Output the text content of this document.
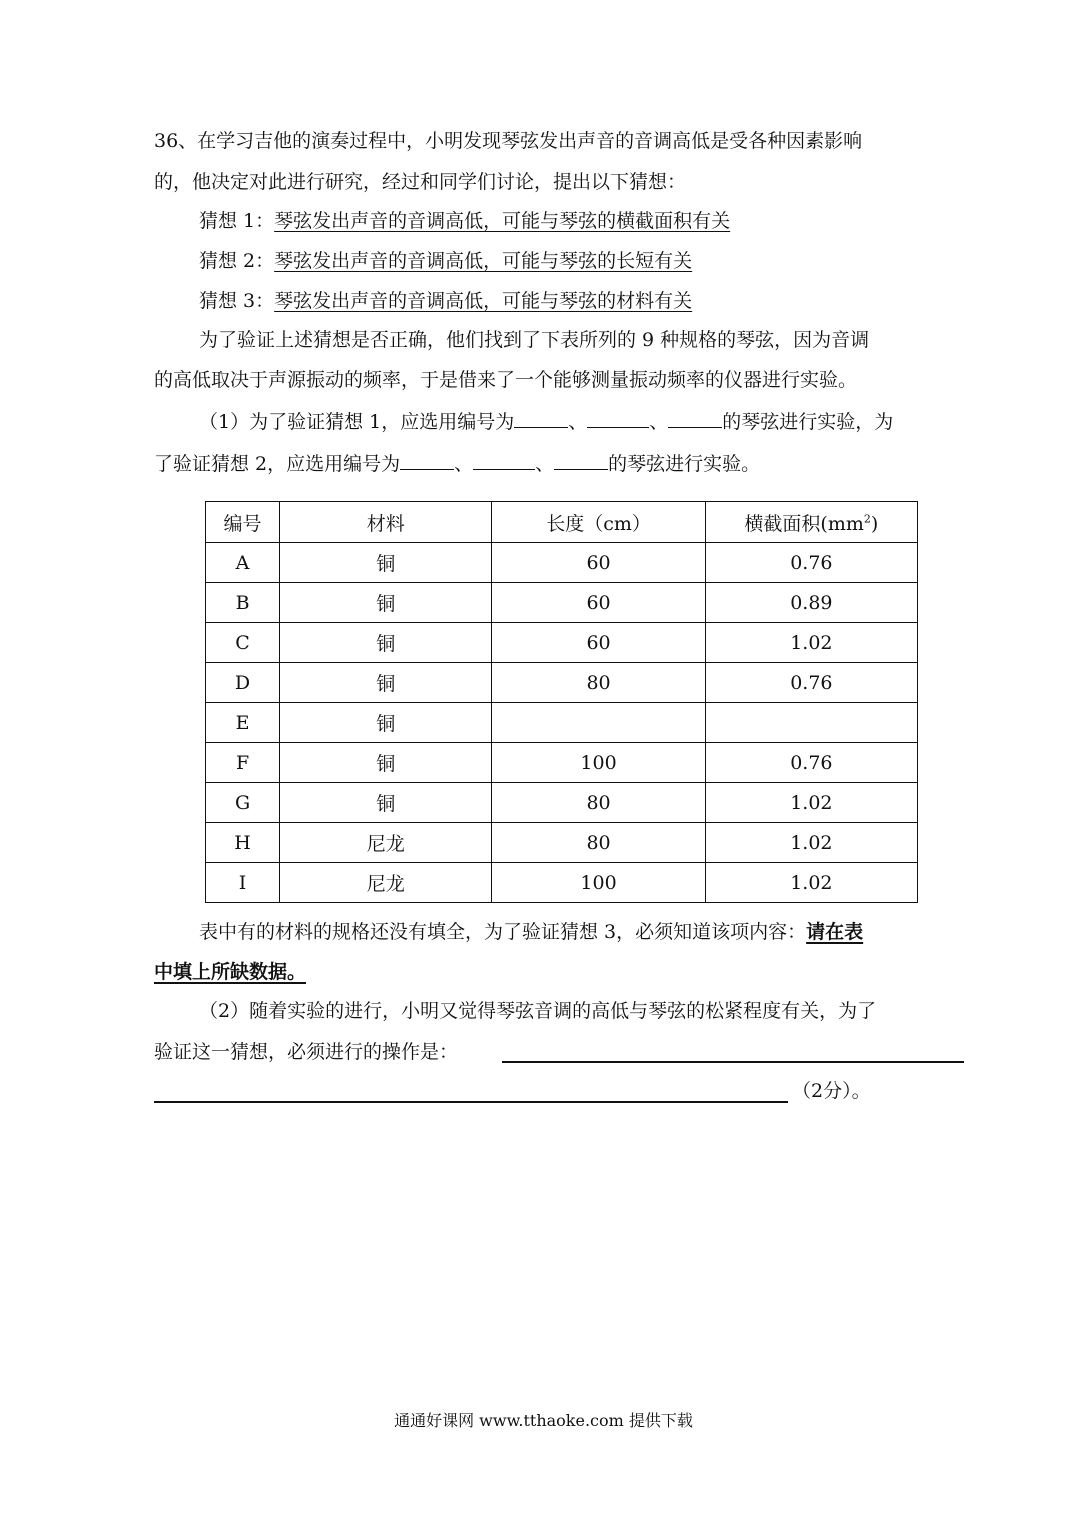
36、在学习吉他的演奏过程中，小明发现琴弦发出声音的音调高低是受各种因素影响
的，他决定对此进行研究，经过和同学们讨论，提出以下猜想：
猜想 1：琴弦发出声音的音调高低，可能与琴弦的横截面积有关
猜想 2：琴弦发出声音的音调高低，可能与琴弦的长短有关
猜想 3：琴弦发出声音的音调高低，可能与琴弦的材料有关
为了验证上述猜想是否正确，他们找到了下表所列的 9 种规格的琴弦，因为音调
的高低取决于声源振动的频率，于是借来了一个能够测量振动频率的仪器进行实验。
（1）为了验证猜想 1，应选用编号为	、	、	的琴弦进行实验，为
了验证猜想 2，应选用编号为	、	、	的琴弦进行实验。
编号	材料	长度（cm）	横截面积$(mm^2)$
A	铜	60	0.76
B	铜	60	0.89
C	铜	60	1.02
D	铜	80	0.76
E	铜		
F	铜	100	0.76
G	铜	80	1.02
H	尼龙	80	1.02
I	尼龙	100	1.02
表中有的材料的规格还没有填全，为了验证猜想 3，必须知道该项内容：请在表
中填上所缺数据。
（2）随着实验的进行，小明又觉得琴弦音调的高低与琴弦的松紧程度有关，为了
验证这一猜想，必须进行的操作是：
（2分）。
通通好课网 www.tthaoke.com 提供下载
